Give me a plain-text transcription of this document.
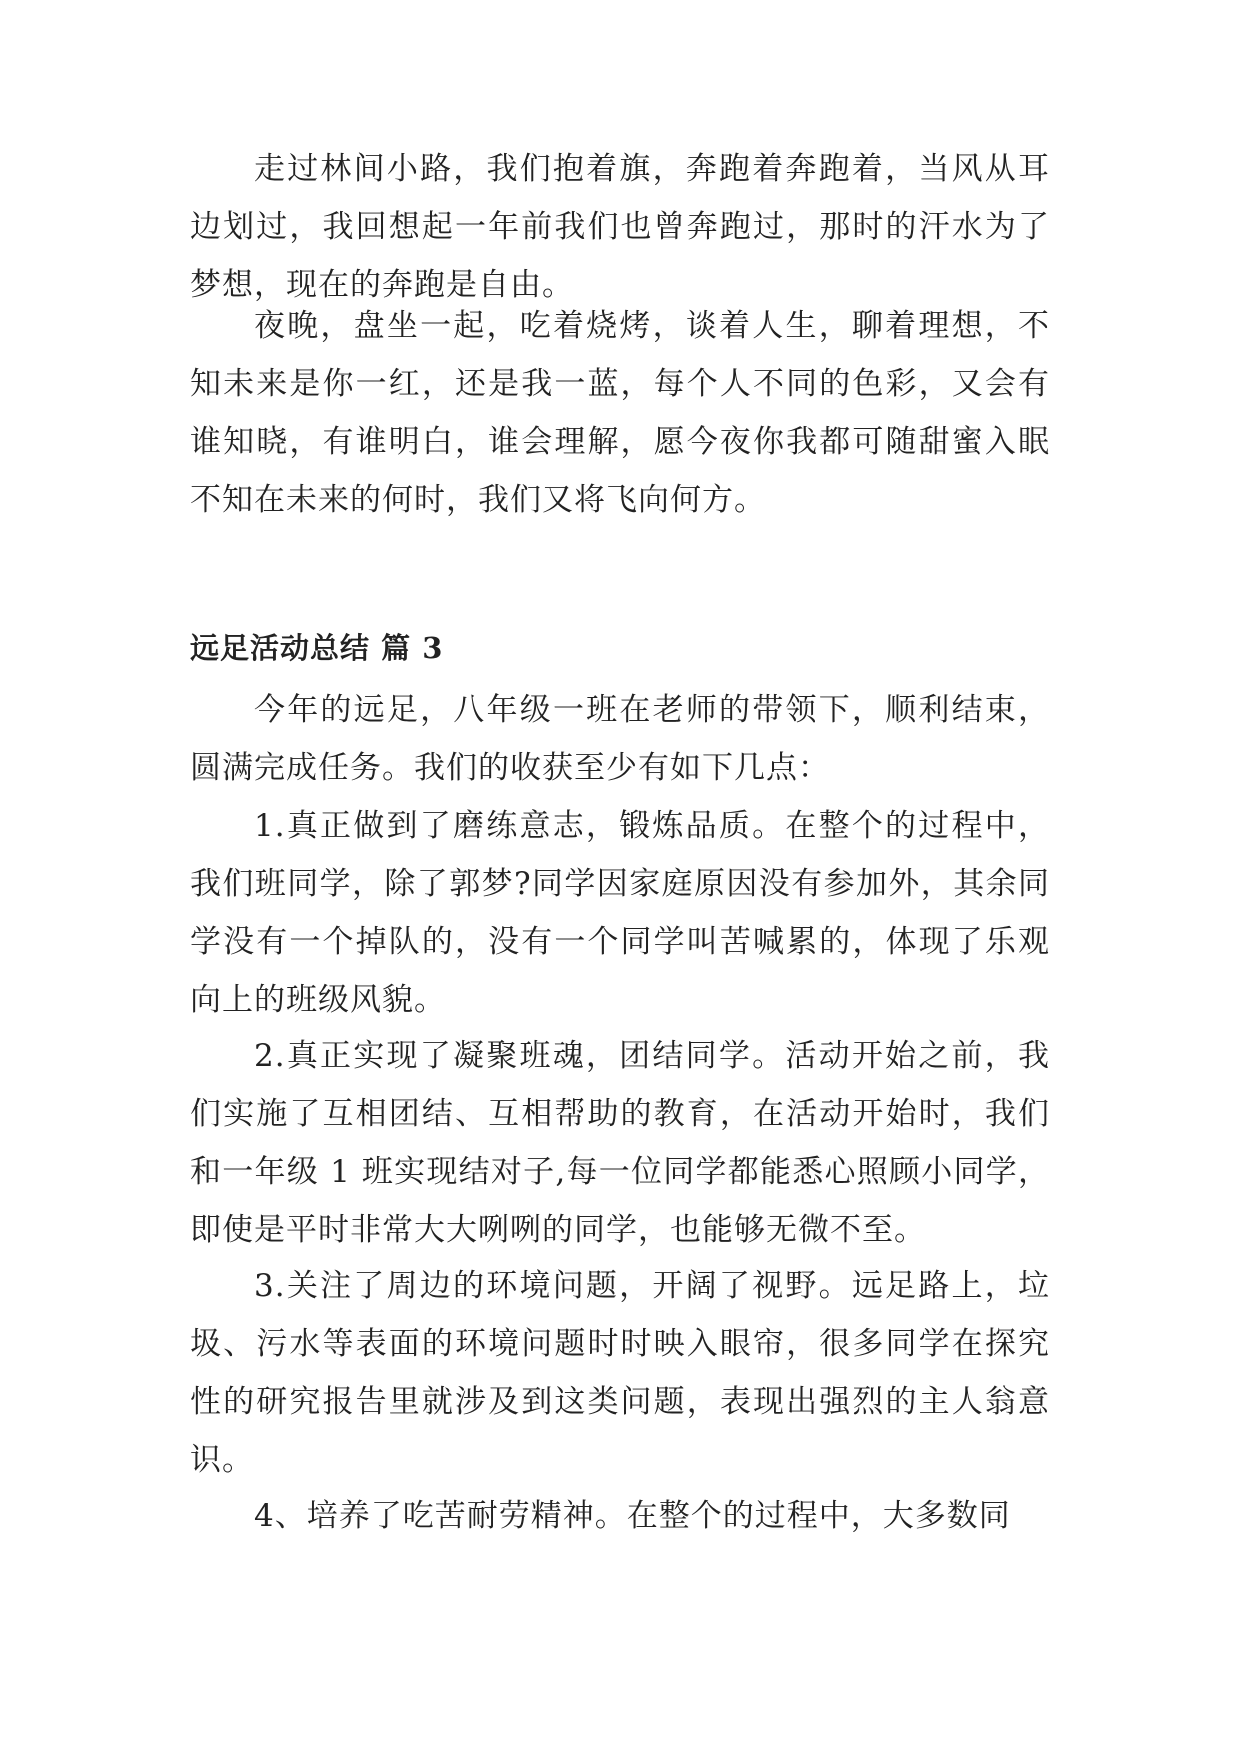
走过林间小路，我们抱着旗，奔跑着奔跑着，当风从耳边划过，我回想起一年前我们也曾奔跑过，那时的汗水为了梦想，现在的奔跑是自由。

夜晚，盘坐一起，吃着烧烤，谈着人生，聊着理想，不知未来是你一红，还是我一蓝，每个人不同的色彩，又会有谁知晓，有谁明白，谁会理解，愿今夜你我都可随甜蜜入眠不知在未来的何时，我们又将飞向何方。

远足活动总结 篇 3

今年的远足，八年级一班在老师的带领下，顺利结束，圆满完成任务。我们的收获至少有如下几点：

1.真正做到了磨练意志，锻炼品质。在整个的过程中，我们班同学，除了郭梦?同学因家庭原因没有参加外，其余同学没有一个掉队的，没有一个同学叫苦喊累的，体现了乐观向上的班级风貌。

2.真正实现了凝聚班魂，团结同学。活动开始之前，我们实施了互相团结、互相帮助的教育，在活动开始时，我们和一年级 1 班实现结对子,每一位同学都能悉心照顾小同学，即使是平时非常大大咧咧的同学，也能够无微不至。

3.关注了周边的环境问题，开阔了视野。远足路上，垃圾、污水等表面的环境问题时时映入眼帘，很多同学在探究性的研究报告里就涉及到这类问题，表现出强烈的主人翁意识。

4、培养了吃苦耐劳精神。在整个的过程中，大多数同
